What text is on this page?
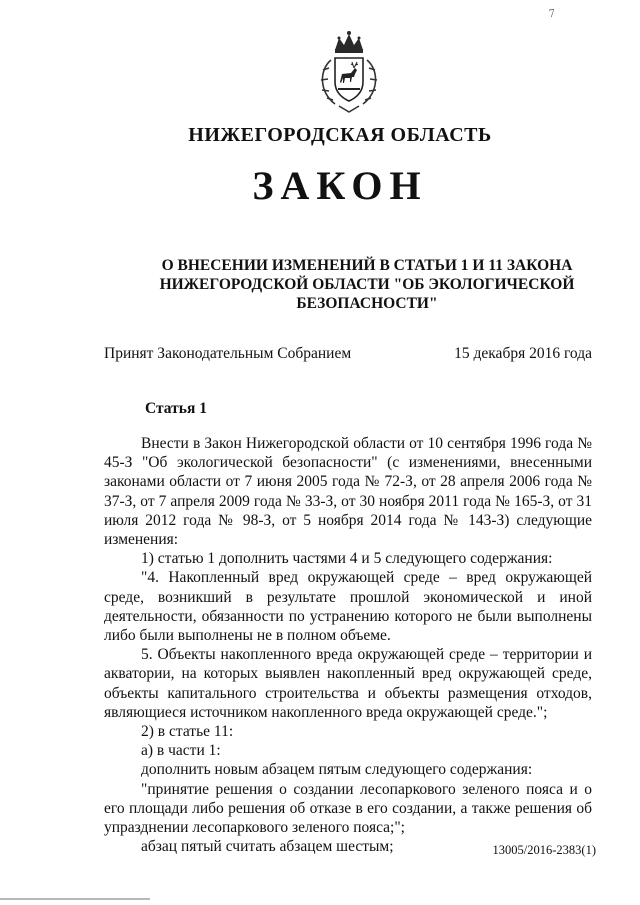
7
НИЖЕГОРОДСКАЯ ОБЛАСТЬ
ЗАКОН
О ВНЕСЕНИИ ИЗМЕНЕНИЙ В СТАТЬИ 1 И 11 ЗАКОНА
НИЖЕГОРОДСКОЙ ОБЛАСТИ "ОБ ЭКОЛОГИЧЕСКОЙ
БЕЗОПАСНОСТИ"
Принят Законодательным Собранием	15 декабря 2016 года
Статья 1

Внести в Закон Нижегородской области от 10 сентября 1996 года № 45-З "Об экологической безопасности" (с изменениями, внесенными законами области от 7 июня 2005 года № 72-З, от 28 апреля 2006 года № 37-З, от 7 апреля 2009 года № 33-З, от 30 ноября 2011 года № 165-З, от 31 июля 2012 года № 98-З, от 5 ноября 2014 года № 143-З) следующие изменения:

1) статью 1 дополнить частями 4 и 5 следующего содержания:

"4. Накопленный вред окружающей среде – вред окружающей среде, возникший в результате прошлой экономической и иной деятельности, обязанности по устранению которого не были выполнены либо были выполнены не в полном объеме.

5. Объекты накопленного вреда окружающей среде – территории и акватории, на которых выявлен накопленный вред окружающей среде, объекты капитального строительства и объекты размещения отходов, являющиеся источником накопленного вреда окружающей среде.";

2) в статье 11:

а) в части 1:

дополнить новым абзацем пятым следующего содержания:

"принятие решения о создании лесопаркового зеленого пояса и о его площади либо решения об отказе в его создании, а также решения об упразднении лесопаркового зеленого пояса;";

абзац пятый считать абзацем шестым;	13005/2016-2383(1)
